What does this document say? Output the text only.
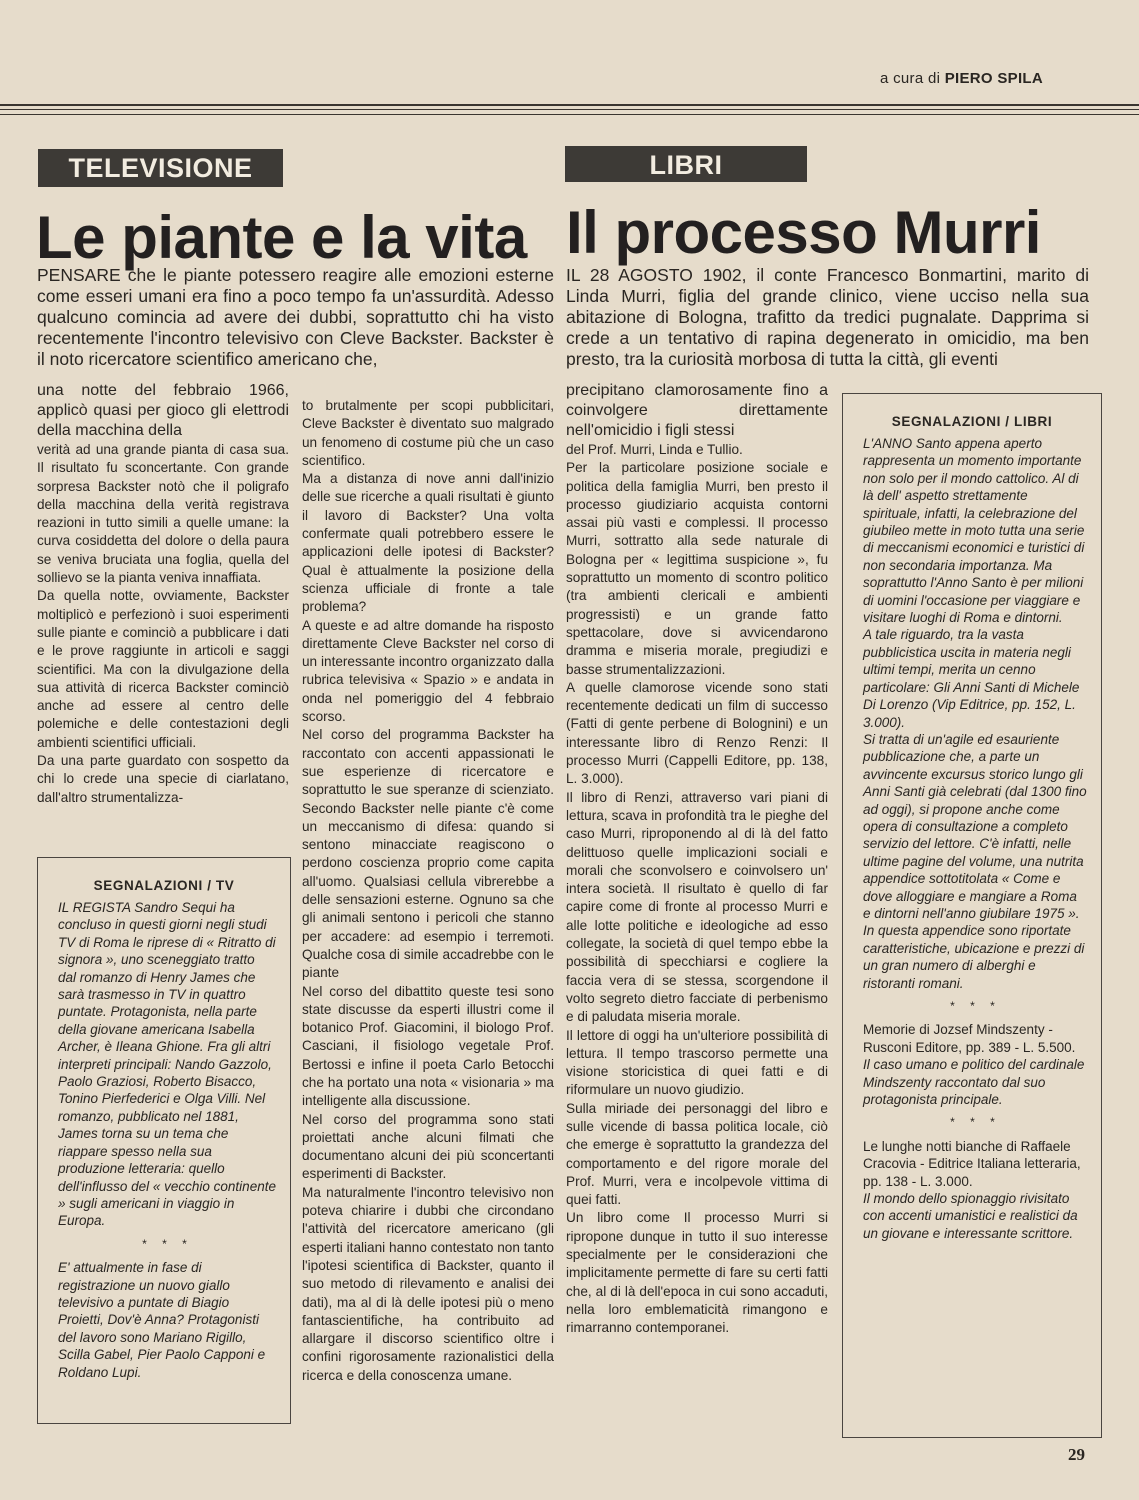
a cura di PIERO SPILA
TELEVISIONE
Le piante e la vita

PENSARE che le piante potessero reagire alle emozioni esterne come esseri umani era fino a poco tempo fa un'assurdità. Adesso qualcuno comincia ad avere dei dubbi, soprattutto chi ha visto recentemente l'incontro televisivo con Cleve Backster. Backster è il noto ricercatore scientifico americano che,

una notte del febbraio 1966, applicò quasi per gioco gli elettrodi della macchina della

verità ad una grande pianta di casa sua. Il risultato fu sconcertante. Con grande sorpresa Backster notò che il poligrafo della macchina della verità registrava reazioni in tutto simili a quelle umane: la curva cosiddetta del dolore o della paura se veniva bruciata una foglia, quella del sollievo se la pianta veniva innaffiata.

Da quella notte, ovviamente, Backster moltiplicò e perfezionò i suoi esperimenti sulle piante e cominciò a pubblicare i dati e le prove raggiunte in articoli e saggi scientifici. Ma con la divulgazione della sua attività di ricerca Backster cominciò anche ad essere al centro delle polemiche e delle contestazioni degli ambienti scientifici ufficiali.

Da una parte guardato con sospetto da chi lo crede una specie di ciarlatano, dall'altro strumentalizza-

to brutalmente per scopi pubblicitari, Cleve Backster è diventato suo malgrado un fenomeno di costume più che un caso scientifico.

Ma a distanza di nove anni dall'inizio delle sue ricerche a quali risultati è giunto il lavoro di Backster? Una volta confermate quali potrebbero essere le applicazioni delle ipotesi di Backster? Qual è attualmente la posizione della scienza ufficiale di fronte a tale problema?

A queste e ad altre domande ha risposto direttamente Cleve Backster nel corso di un interessante incontro organizzato dalla rubrica televisiva « Spazio » e andata in onda nel pomeriggio del 4 febbraio scorso.

Nel corso del programma Backster ha raccontato con accenti appassionati le sue esperienze di ricercatore e soprattutto le sue speranze di scienziato. Secondo Backster nelle piante c'è come un meccanismo di difesa: quando si sentono minacciate reagiscono o perdono coscienza proprio come capita all'uomo. Qualsiasi cellula vibrerebbe a delle sensazioni esterne. Ognuno sa che gli animali sentono i pericoli che stanno per accadere: ad esempio i terremoti. Qualche cosa di simile accadrebbe con le piante

Nel corso del dibattito queste tesi sono state discusse da esperti illustri come il botanico Prof. Giacomini, il biologo Prof. Casciani, il fisiologo vegetale Prof. Bertossi e infine il poeta Carlo Betocchi che ha portato una nota « visionaria » ma intelligente alla discussione.

Nel corso del programma sono stati proiettati anche alcuni filmati che documentano alcuni dei più sconcertanti esperimenti di Backster.

Ma naturalmente l'incontro televisivo non poteva chiarire i dubbi che circondano l'attività del ricercatore americano (gli esperti italiani hanno contestato non tanto l'ipotesi scientifica di Backster, quanto il suo metodo di rilevamento e analisi dei dati), ma al di là delle ipotesi più o meno fantascientifiche, ha contribuito ad allargare il discorso scientifico oltre i confini rigorosamente razionalistici della ricerca e della conoscenza umane.

SEGNALAZIONI / TV

IL REGISTA Sandro Sequi ha concluso in questi giorni negli studi TV di Roma le riprese di « Ritratto di signora », uno sceneggiato tratto dal romanzo di Henry James che sarà trasmesso in TV in quattro puntate. Protagonista, nella parte della giovane americana Isabella Archer, è Ileana Ghione. Fra gli altri interpreti principali: Nando Gazzolo, Paolo Graziosi, Roberto Bisacco, Tonino Pierfederici e Olga Villi. Nel romanzo, pubblicato nel 1881, James torna su un tema che riappare spesso nella sua produzione letteraria: quello dell'influsso del « vecchio continente » sugli americani in viaggio in Europa.

* * *

E' attualmente in fase di registrazione un nuovo giallo televisivo a puntate di Biagio Proietti, Dov'è Anna? Protagonisti del lavoro sono Mariano Rigillo, Scilla Gabel, Pier Paolo Capponi e Roldano Lupi.

LIBRI
Il processo Murri

IL 28 AGOSTO 1902, il conte Francesco Bonmartini, marito di Linda Murri, figlia del grande clinico, viene ucciso nella sua abitazione di Bologna, trafitto da tredici pugnalate. Dapprima si crede a un tentativo di rapina degenerato in omicidio, ma ben presto, tra la curiosità morbosa di tutta la città, gli eventi

precipitano clamorosamente fino a coinvolgere direttamente nell'omicidio i figli stessi

del Prof. Murri, Linda e Tullio.

Per la particolare posizione sociale e politica della famiglia Murri, ben presto il processo giudiziario acquista contorni assai più vasti e complessi. Il processo Murri, sottratto alla sede naturale di Bologna per « legittima suspicione », fu soprattutto un momento di scontro politico (tra ambienti clericali e ambienti progressisti) e un grande fatto spettacolare, dove si avvicendarono dramma e miseria morale, pregiudizi e basse strumentalizzazioni.

A quelle clamorose vicende sono stati recentemente dedicati un film di successo (Fatti di gente perbene di Bolognini) e un interessante libro di Renzo Renzi: Il processo Murri (Cappelli Editore, pp. 138, L. 3.000).

Il libro di Renzi, attraverso vari piani di lettura, scava in profondità tra le pieghe del caso Murri, riproponendo al di là del fatto delittuoso quelle implicazioni sociali e morali che sconvolsero e coinvolsero un' intera società. Il risultato è quello di far capire come di fronte al processo Murri e alle lotte politiche e ideologiche ad esso collegate, la società di quel tempo ebbe la possibilità di specchiarsi e cogliere la faccia vera di se stessa, scorgendone il volto segreto dietro facciate di perbenismo e di paludata miseria morale.

Il lettore di oggi ha un'ulteriore possibilità di lettura. Il tempo trascorso permette una visione storicistica di quei fatti e di riformulare un nuovo giudizio.

Sulla miriade dei personaggi del libro e sulle vicende di bassa politica locale, ciò che emerge è soprattutto la grandezza del comportamento e del rigore morale del Prof. Murri, vera e incolpevole vittima di quei fatti.

Un libro come Il processo Murri si ripropone dunque in tutto il suo interesse specialmente per le considerazioni che implicitamente permette di fare su certi fatti che, al di là dell'epoca in cui sono accaduti, nella loro emblematicità rimangono e rimarranno contemporanei.

SEGNALAZIONI / LIBRI

L'ANNO Santo appena aperto rappresenta un momento importante non solo per il mondo cattolico. Al di là dell' aspetto strettamente spirituale, infatti, la celebrazione del giubileo mette in moto tutta una serie di meccanismi economici e turistici di non secondaria importanza. Ma soprattutto l'Anno Santo è per milioni di uomini l'occasione per viaggiare e visitare luoghi di Roma e dintorni.

A tale riguardo, tra la vasta pubblicistica uscita in materia negli ultimi tempi, merita un cenno particolare: Gli Anni Santi di Michele Di Lorenzo (Vip Editrice, pp. 152, L. 3.000).

Si tratta di un'agile ed esauriente pubblicazione che, a parte un avvincente excursus storico lungo gli Anni Santi già celebrati (dal 1300 fino ad oggi), si propone anche come opera di consultazione a completo servizio del lettore. C'è infatti, nelle ultime pagine del volume, una nutrita appendice sottotitolata « Come e dove alloggiare e mangiare a Roma e dintorni nell'anno giubilare 1975 ».

In questa appendice sono riportate caratteristiche, ubicazione e prezzi di un gran numero di alberghi e ristoranti romani.

* * *

Memorie di Jozsef Mindszenty - Rusconi Editore, pp. 389 - L. 5.500.

Il caso umano e politico del cardinale Mindszenty raccontato dal suo protagonista principale.

* * *

Le lunghe notti bianche di Raffaele Cracovia - Editrice Italiana letteraria, pp. 138 - L. 3.000.

Il mondo dello spionaggio rivisitato con accenti umanistici e realistici da un giovane e interessante scrittore.

29
